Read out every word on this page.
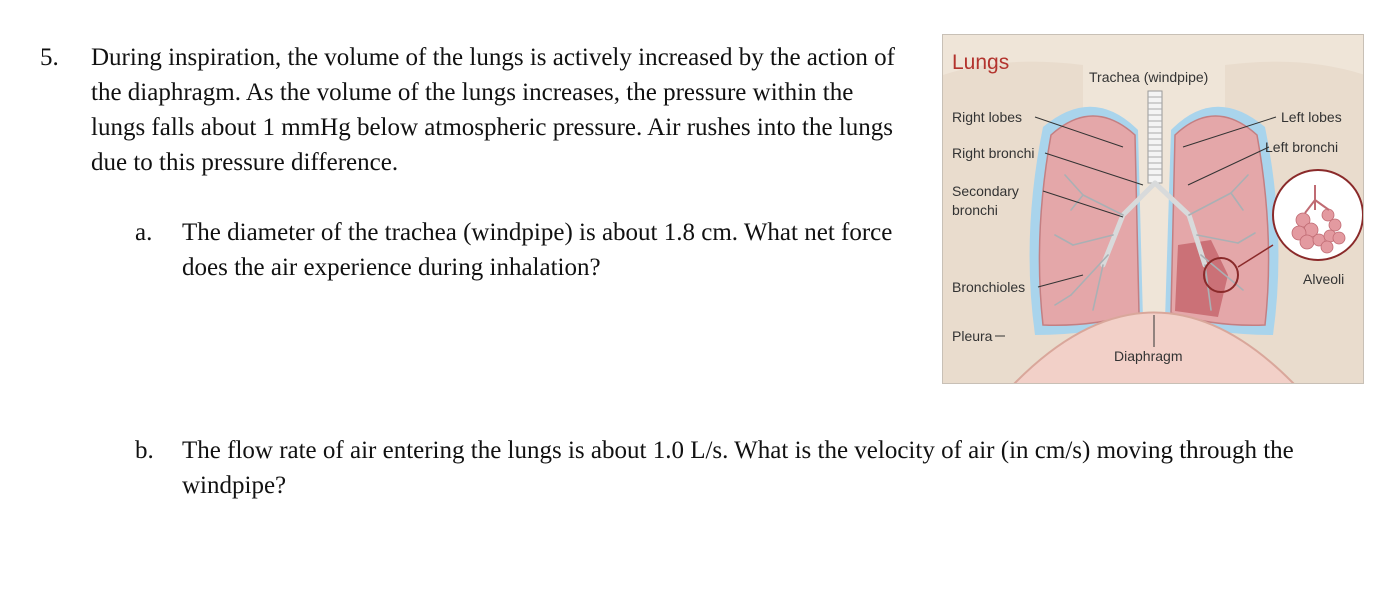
5. During inspiration, the volume of the lungs is actively increased by the action of the diaphragm. As the volume of the lungs increases, the pressure within the lungs falls about 1 mmHg below atmospheric pressure. Air rushes into the lungs due to this pressure difference.
a. The diameter of the trachea (windpipe) is about 1.8 cm. What net force does the air experience during inhalation?
b. The flow rate of air entering the lungs is about 1.0 L/s. What is the velocity of air (in cm/s) moving through the windpipe?
Lungs
Trachea (windpipe)
Right lobes
Right bronchi
Secondary
bronchi
Bronchioles
Pleura
Diaphragm
Left lobes
Left bronchi
Alveoli
